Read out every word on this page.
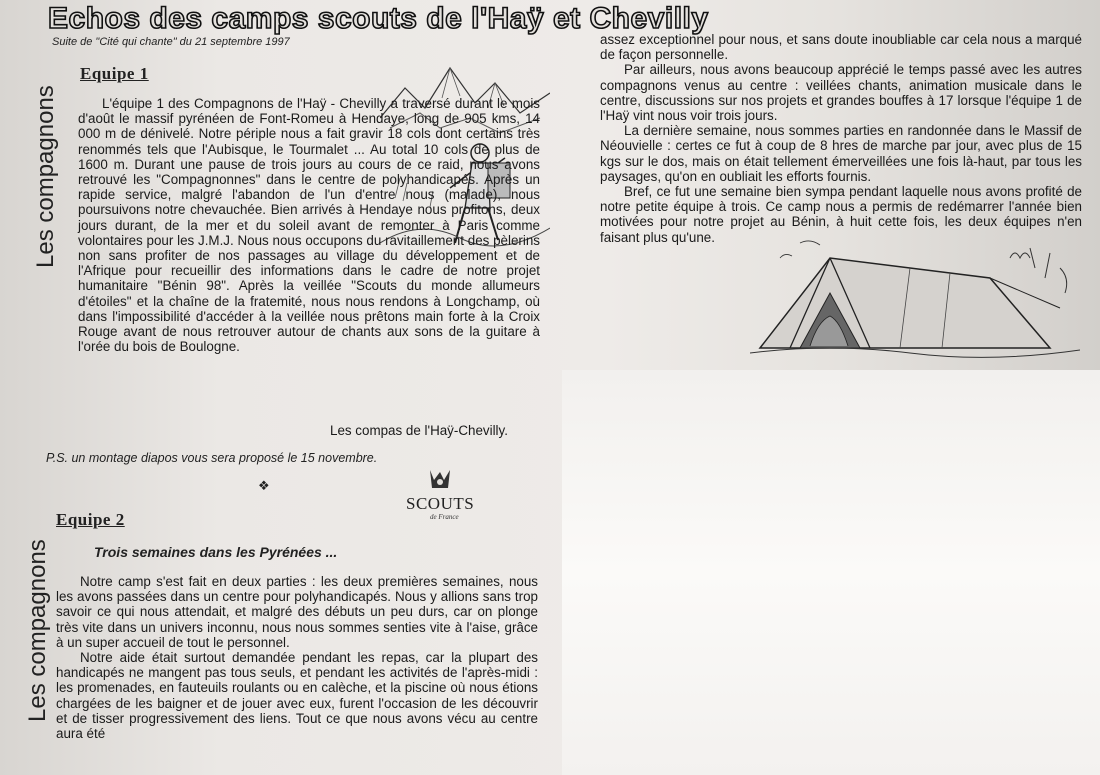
Echos des camps scouts de l'Haÿ et Chevilly
Suite de "Cité qui chante" du 21 septembre 1997
Les compagnons
Equipe 1

L'équipe 1 des Compagnons de l'Haÿ - Chevilly a traversé durant le mois d'août le massif pyrénéen de Font-Romeu à Hendaye, long de 905 kms, 14 000 m de dénivelé. Notre périple nous a fait gravir 18 cols dont certains très renommés tels que l'Aubisque, le Tourmalet ... Au total 10 cols de plus de 1600 m. Durant une pause de trois jours au cours de ce raid, nous avons retrouvé les "Compagnonnes" dans le centre de polyhandicapés. Après un rapide service, malgré l'abandon de l'un d'entre nous (malade), nous poursuivons notre chevauchée. Bien arrivés à Hendaye nous profitons, deux jours durant, de la mer et du soleil avant de remonter à Paris comme volontaires pour les J.M.J. Nous nous occupons du ravitaillement des pèlerins non sans profiter de nos passages au village du développement et de l'Afrique pour recueillir des informations dans le cadre de notre projet humanitaire "Bénin 98". Après la veillée "Scouts du monde allumeurs d'étoiles" et la chaîne de la fratemité, nous nous rendons à Longchamp, où dans l'impossibilité d'accéder à la veillée nous prêtons main forte à la Croix Rouge avant de nous retrouver autour de chants aux sons de la guitare à l'orée du bois de Boulogne.

Les compas de l'Haÿ-Chevilly.
P.S. un montage diapos vous sera proposé le 15 novembre.
❖
SCOUTS
de France
Les compagnons
Equipe 2
Trois semaines dans les Pyrénées ...

Notre camp s'est fait en deux parties : les deux premières semaines, nous les avons passées dans un centre pour polyhandicapés. Nous y allions sans trop savoir ce qui nous attendait, et malgré des débuts un peu durs, car on plonge très vite dans un univers inconnu, nous nous sommes senties vite à l'aise, grâce à un super accueil de tout le personnel.

Notre aide était surtout demandée pendant les repas, car la plupart des handicapés ne mangent pas tous seuls, et pendant les activités de l'après-midi : les promenades, en fauteuils roulants ou en calèche, et la piscine où nous étions chargées de les baigner et de jouer avec eux, furent l'occasion de les découvrir et de tisser progressivement des liens. Tout ce que nous avons vécu au centre aura été

assez exceptionnel pour nous, et sans doute inoubliable car cela nous a marqué de façon personnelle.

Par ailleurs, nous avons beaucoup apprécié le temps passé avec les autres compagnons venus au centre : veillées chants, animation musicale dans le centre, discussions sur nos projets et grandes bouffes à 17 lorsque l'équipe 1 de l'Haÿ vint nous voir trois jours.

La dernière semaine, nous sommes parties en randonnée dans le Massif de Néouvielle : certes ce fut à coup de 8 hres de marche par jour, avec plus de 15 kgs sur le dos, mais on était tellement émerveillées une fois là-haut, par tous les paysages, qu'on en oubliait les efforts fournis.

Bref, ce fut une semaine bien sympa pendant laquelle nous avons profité de notre petite équipe à trois. Ce camp nous a permis de redémarrer l'année bien motivées pour notre projet au Bénin, à huit cette fois, les deux équipes n'en faisant plus qu'une.
